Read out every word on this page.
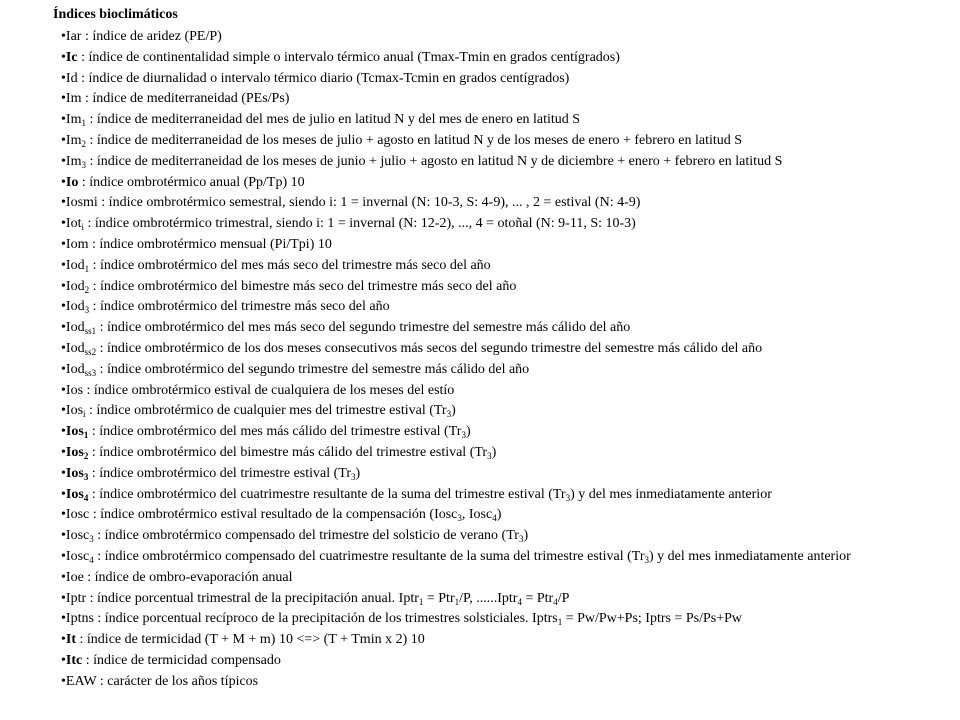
Índices bioclimáticos
•Iar : índice de aridez (PE/P)
•Ic : índice de continentalidad simple o intervalo térmico anual (Tmax-Tmin en grados centígrados)
•Id : índice de diurnalidad o intervalo térmico diario (Tcmax-Tcmin en grados centígrados)
•Im : índice de mediterraneidad (PEs/Ps)
$•Im_1$ : índice de mediterraneidad del mes de julio en latitud N y del mes de enero en latitud S
$•Im_2$ : índice de mediterraneidad de los meses de julio + agosto en latitud N y de los meses de enero + febrero en latitud S
$•Im_3$ : índice de mediterraneidad de los meses de junio + julio + agosto en latitud N y de diciembre + enero + febrero en latitud S
•Io : índice ombrotérmico anual (Pp/Tp) 10
•Iosmi : índice ombrotérmico semestral, siendo i: 1 = invernal (N: 10-3, S: 4-9), ... , 2 = estival (N: 4-9)
•Iot$_i$ : índice ombrotérmico trimestral, siendo i: 1 = invernal (N: 12-2), ..., 4 = otoñal (N: 9-11, S: 10-3)
•Iom : índice ombrotérmico mensual (Pi/Tpi) 10
•Iod$_1$ : índice ombrotérmico del mes más seco del trimestre más seco del año
•Iod$_2$ : índice ombrotérmico del bimestre más seco del trimestre más seco del año
•Iod$_3$ : índice ombrotérmico del trimestre más seco del año
•Iod$_{ss1}$ : índice ombrotérmico del mes más seco del segundo trimestre del semestre más cálido del año
•Iod$_{ss2}$ : índice ombrotérmico de los dos meses consecutivos más secos del segundo trimestre del semestre más cálido del año
•Iod$_{ss3}$ : índice ombrotérmico del segundo trimestre del semestre más cálido del año
•Ios : índice ombrotérmico estival de cualquiera de los meses del estío
•Ios$_i$ : índice ombrotérmico de cualquier mes del trimestre estival $(Tr_3)$
•Ios$_1$ : índice ombrotérmico del mes más cálido del trimestre estival $(Tr_3)$
•Ios$_2$ : índice ombrotérmico del bimestre más cálido del trimestre estival $(Tr_3)$
•Ios$_3$ : índice ombrotérmico del trimestre estival $(Tr_3)$
•Ios$_4$ : índice ombrotérmico del cuatrimestre resultante de la suma del trimestre estival $(Tr_3)$ y del mes inmediatamente anterior
•Iosc : índice ombrotérmico estival resultado de la compensación (Iosc$_3$, Iosc$_4$)
•Iosc$_3$ : índice ombrotérmico compensado del trimestre del solsticio de verano $(Tr_3)$
•Iosc$_4$ : índice ombrotérmico compensado del cuatrimestre resultante de la suma del trimestre estival $(Tr_3)$ y del mes inmediatamente anterior
•Ioe : índice de ombro-evaporación anual
•Iptr : índice porcentual trimestral de la precipitación anual. Iptr$_1$ = Ptr$_1$/P, ......Iptr$_4$ = Ptr$_4$/P
•Iptns : índice porcentual recíproco de la precipitación de los trimestres solsticiales. Iptrs$_1$ = Pw/Pw+Ps; Iptrs = Ps/Ps+Pw
•It : índice de termicidad (T + M + m) 10 <=> (T + Tmin x 2) 10
•Itc : índice de termicidad compensado
•EAW : carácter de los años típicos
